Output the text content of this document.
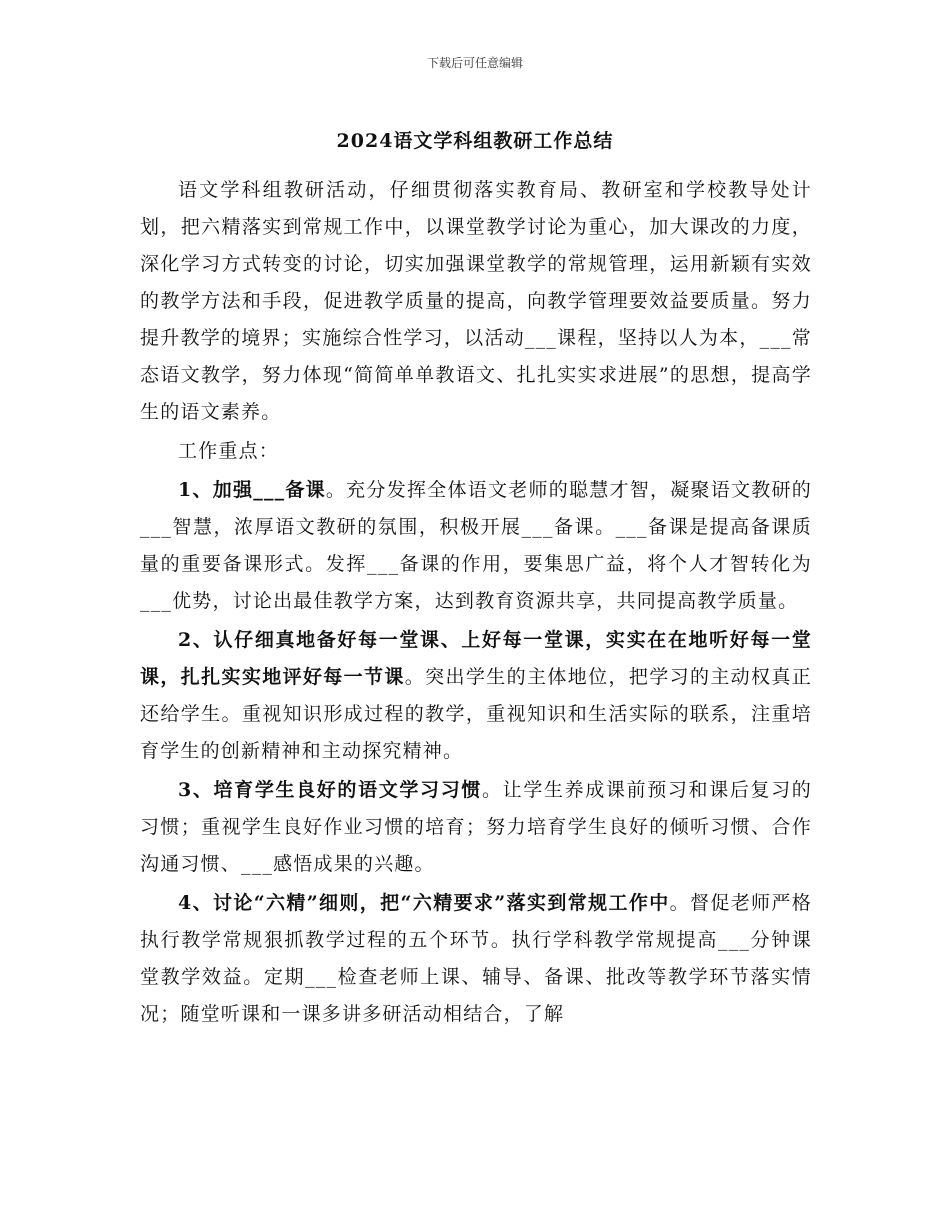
下载后可任意编辑
2024语文学科组教研工作总结

语文学科组教研活动，仔细贯彻落实教育局、教研室和学校教导处计划，把六精落实到常规工作中，以课堂教学讨论为重心，加大课改的力度，深化学习方式转变的讨论，切实加强课堂教学的常规管理，运用新颖有实效的教学方法和手段，促进教学质量的提高，向教学管理要效益要质量。努力提升教学的境界；实施综合性学习，以活动___课程，坚持以人为本，___常态语文教学，努力体现“简简单单教语文、扎扎实实求进展”的思想，提高学生的语文素养。

工作重点：

1、加强___备课。充分发挥全体语文老师的聪慧才智，凝聚语文教研的___智慧，浓厚语文教研的氛围，积极开展___备课。___备课是提高备课质量的重要备课形式。发挥___备课的作用，要集思广益，将个人才智转化为___优势，讨论出最佳教学方案，达到教育资源共享，共同提高教学质量。

2、认仔细真地备好每一堂课、上好每一堂课，实实在在地听好每一堂课，扎扎实实地评好每一节课。突出学生的主体地位，把学习的主动权真正还给学生。重视知识形成过程的教学，重视知识和生活实际的联系，注重培育学生的创新精神和主动探究精神。

3、培育学生良好的语文学习习惯。让学生养成课前预习和课后复习的习惯；重视学生良好作业习惯的培育；努力培育学生良好的倾听习惯、合作沟通习惯、___感悟成果的兴趣。

4、讨论“六精”细则，把“六精要求”落实到常规工作中。督促老师严格执行教学常规狠抓教学过程的五个环节。执行学科教学常规提高___分钟课堂教学效益。定期___检查老师上课、辅导、备课、批改等教学环节落实情况；随堂听课和一课多讲多研活动相结合，了解
